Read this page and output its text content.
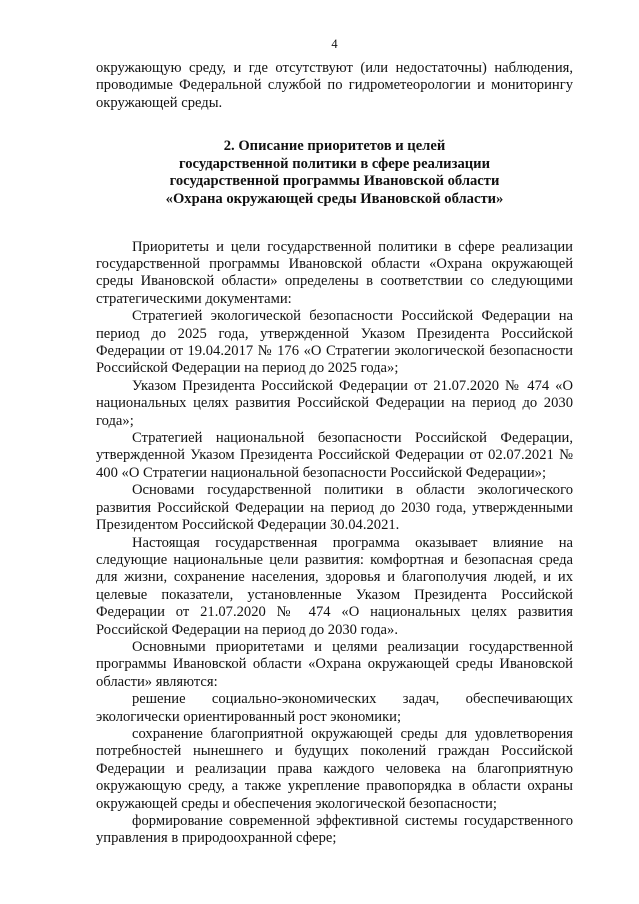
4

окружающую среду, и где отсутствуют (или недостаточны) наблюдения, проводимые Федеральной службой по гидрометеорологии и мониторингу окружающей среды.

2. Описание приоритетов и целей
государственной политики в сфере реализации
государственной программы Ивановской области
«Охрана окружающей среды Ивановской области»

Приоритеты и цели государственной политики в сфере реализации государственной программы Ивановской области «Охрана окружающей среды Ивановской области» определены в соответствии со следующими стратегическими документами:

Стратегией экологической безопасности Российской Федерации на период до 2025 года, утвержденной Указом Президента Российской Федерации от 19.04.2017 № 176 «О Стратегии экологической безопасности Российской Федерации на период до 2025 года»;

Указом Президента Российской Федерации от 21.07.2020 № 474 «О национальных целях развития Российской Федерации на период до 2030 года»;

Стратегией национальной безопасности Российской Федерации, утвержденной Указом Президента Российской Федерации от 02.07.2021 № 400 «О Стратегии национальной безопасности Российской Федерации»;

Основами государственной политики в области экологического развития Российской Федерации на период до 2030 года, утвержденными Президентом Российской Федерации 30.04.2021.

Настоящая государственная программа оказывает влияние на следующие национальные цели развития: комфортная и безопасная среда для жизни, сохранение населения, здоровья и благополучия людей, и их целевые показатели, установленные Указом Президента Российской Федерации от 21.07.2020 № 474 «О национальных целях развития Российской Федерации на период до 2030 года».

Основными приоритетами и целями реализации государственной программы Ивановской области «Охрана окружающей среды Ивановской области» являются:

решение социально-экономических задач, обеспечивающих экологически ориентированный рост экономики;

сохранение благоприятной окружающей среды для удовлетворения потребностей нынешнего и будущих поколений граждан Российской Федерации и реализации права каждого человека на благоприятную окружающую среду, а также укрепление правопорядка в области охраны окружающей среды и обеспечения экологической безопасности;

формирование современной эффективной системы государственного управления в природоохранной сфере;
